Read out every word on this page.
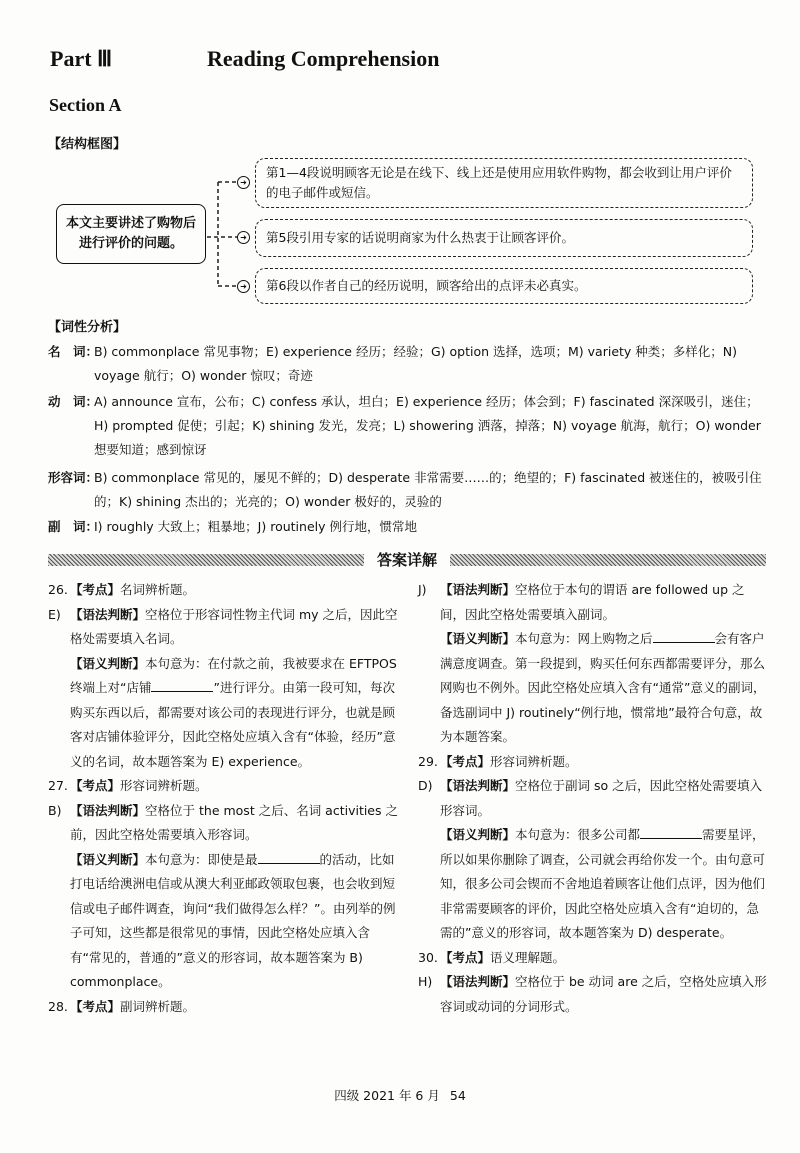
Part Ⅲ	Reading Comprehension
Section A
【结构框图】
本文主要讲述了购物后进行评价的问题。
➜
➜
➜
第1—4段说明顾客无论是在线下、线上还是使用应用软件购物，都会收到让用户评价的电子邮件或短信。
第5段引用专家的话说明商家为什么热衷于让顾客评价。
第6段以作者自己的经历说明，顾客给出的点评未必真实。
【词性分析】
名　词：
B) commonplace 常见事物；E) experience 经历；经验；G) option 选择，选项；M) variety 种类；多样化；N) voyage 航行；O) wonder 惊叹；奇迹
动　词：
A) announce 宣布，公布；C) confess 承认，坦白；E) experience 经历；体会到；F) fascinated 深深吸引，迷住；H) prompted 促使；引起；K) shining 发光，发亮；L) showering 洒落，掉落；N) voyage 航海，航行；O) wonder 想要知道；感到惊讶
形容词：
B) commonplace 常见的，屡见不鲜的；D) desperate 非常需要……的；绝望的；F) fascinated 被迷住的，被吸引住的；K) shining 杰出的；光亮的；O) wonder 极好的，灵验的
副　词：
I) roughly 大致上；粗暴地；J) routinely 例行地，惯常地
答案详解

26. 【考点】名词辨析题。

E) 【语法判断】空格位于形容词性物主代词 my 之后，因此空格处需要填入名词。

【语义判断】本句意为：在付款之前，我被要求在 EFTPOS 终端上对“店铺	”进行评分。由第一段可知，每次购买东西以后，都需要对该公司的表现进行评分，也就是顾客对店铺体验评分，因此空格处应填入含有“体验，经历”意义的名词，故本题答案为 E) experience。

27. 【考点】形容词辨析题。

B) 【语法判断】空格位于 the most 之后、名词 activities 之前，因此空格处需要填入形容词。

【语义判断】本句意为：即使是最	的活动，比如打电话给澳洲电信或从澳大利亚邮政领取包裹，也会收到短信或电子邮件调查，询问“我们做得怎么样？”。由列举的例子可知，这些都是很常见的事情，因此空格处应填入含有“常见的，普通的”意义的形容词，故本题答案为 B) commonplace。

28. 【考点】副词辨析题。

J) 【语法判断】空格位于本句的谓语 are followed up 之间，因此空格处需要填入副词。

【语义判断】本句意为：网上购物之后	会有客户满意度调查。第一段提到，购买任何东西都需要评分，那么网购也不例外。因此空格处应填入含有“通常”意义的副词，备选副词中 J) routinely“例行地，惯常地”最符合句意，故为本题答案。

29. 【考点】形容词辨析题。

D) 【语法判断】空格位于副词 so 之后，因此空格处需要填入形容词。

【语义判断】本句意为：很多公司都	需要星评，所以如果你删除了调查，公司就会再给你发一个。由句意可知，很多公司会锲而不舍地追着顾客让他们点评，因为他们非常需要顾客的评价，因此空格处应填入含有“迫切的，急需的”意义的形容词，故本题答案为 D) desperate。

30. 【考点】语义理解题。

H) 【语法判断】空格位于 be 动词 are 之后，空格处应填入形容词或动词的分词形式。

四级 2021 年 6 月 54
